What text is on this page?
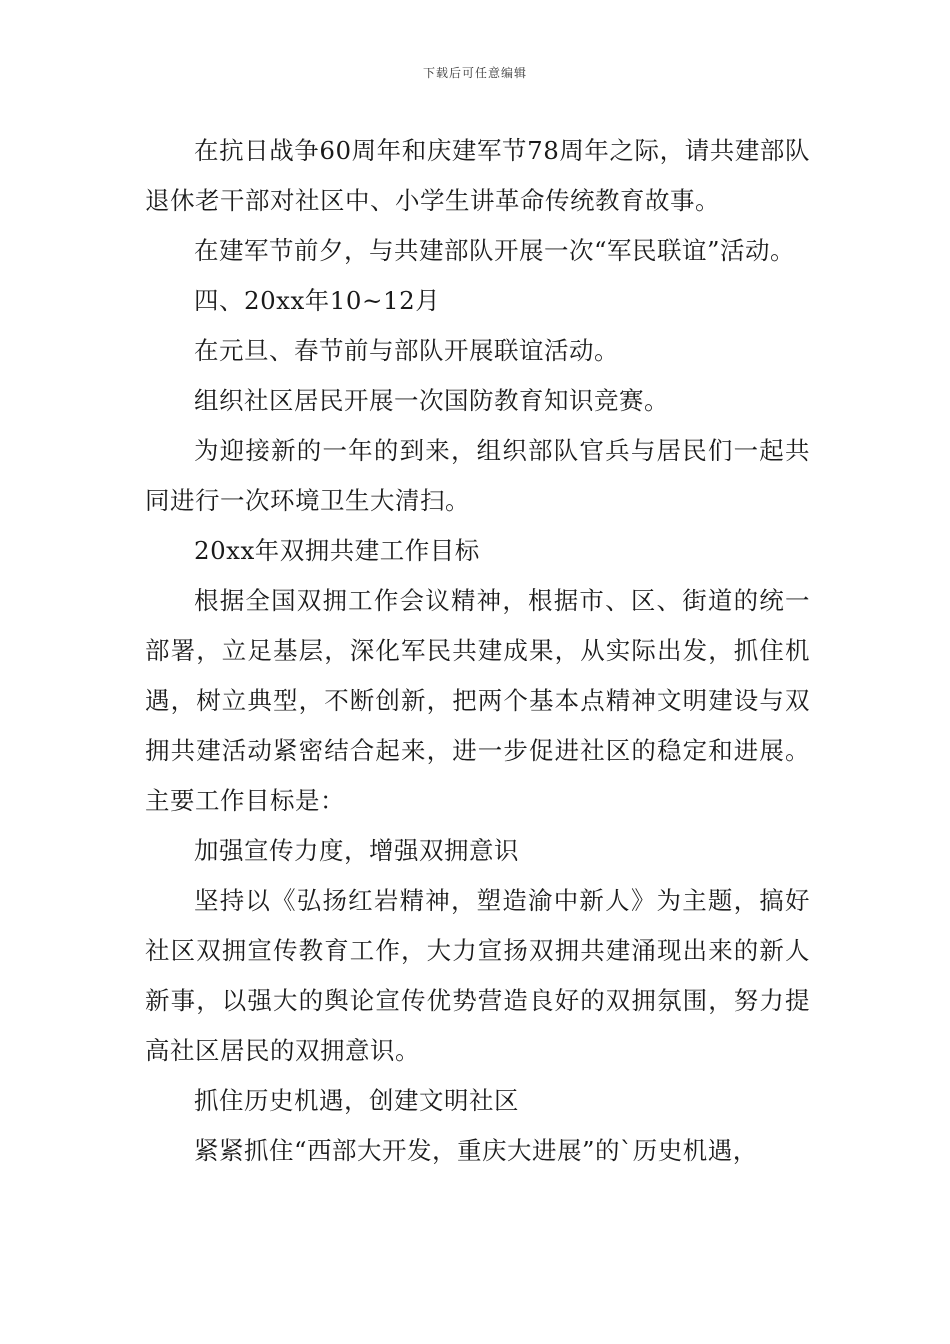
下载后可任意编辑

在抗日战争60周年和庆建军节78周年之际，请共建部队退休老干部对社区中、小学生讲革命传统教育故事。

在建军节前夕，与共建部队开展一次“军民联谊”活动。

四、20xx年10~12月

在元旦、春节前与部队开展联谊活动。

组织社区居民开展一次国防教育知识竞赛。

为迎接新的一年的到来，组织部队官兵与居民们一起共同进行一次环境卫生大清扫。

20xx年双拥共建工作目标

根据全国双拥工作会议精神，根据市、区、街道的统一部署，立足基层，深化军民共建成果，从实际出发，抓住机遇，树立典型，不断创新，把两个基本点精神文明建设与双拥共建活动紧密结合起来，进一步促进社区的稳定和进展。主要工作目标是：

加强宣传力度，增强双拥意识

坚持以《弘扬红岩精神，塑造渝中新人》为主题，搞好社区双拥宣传教育工作，大力宣扬双拥共建涌现出来的新人新事，以强大的舆论宣传优势营造良好的双拥氛围，努力提高社区居民的双拥意识。

抓住历史机遇，创建文明社区

紧紧抓住“西部大开发，重庆大进展”的`历史机遇，
